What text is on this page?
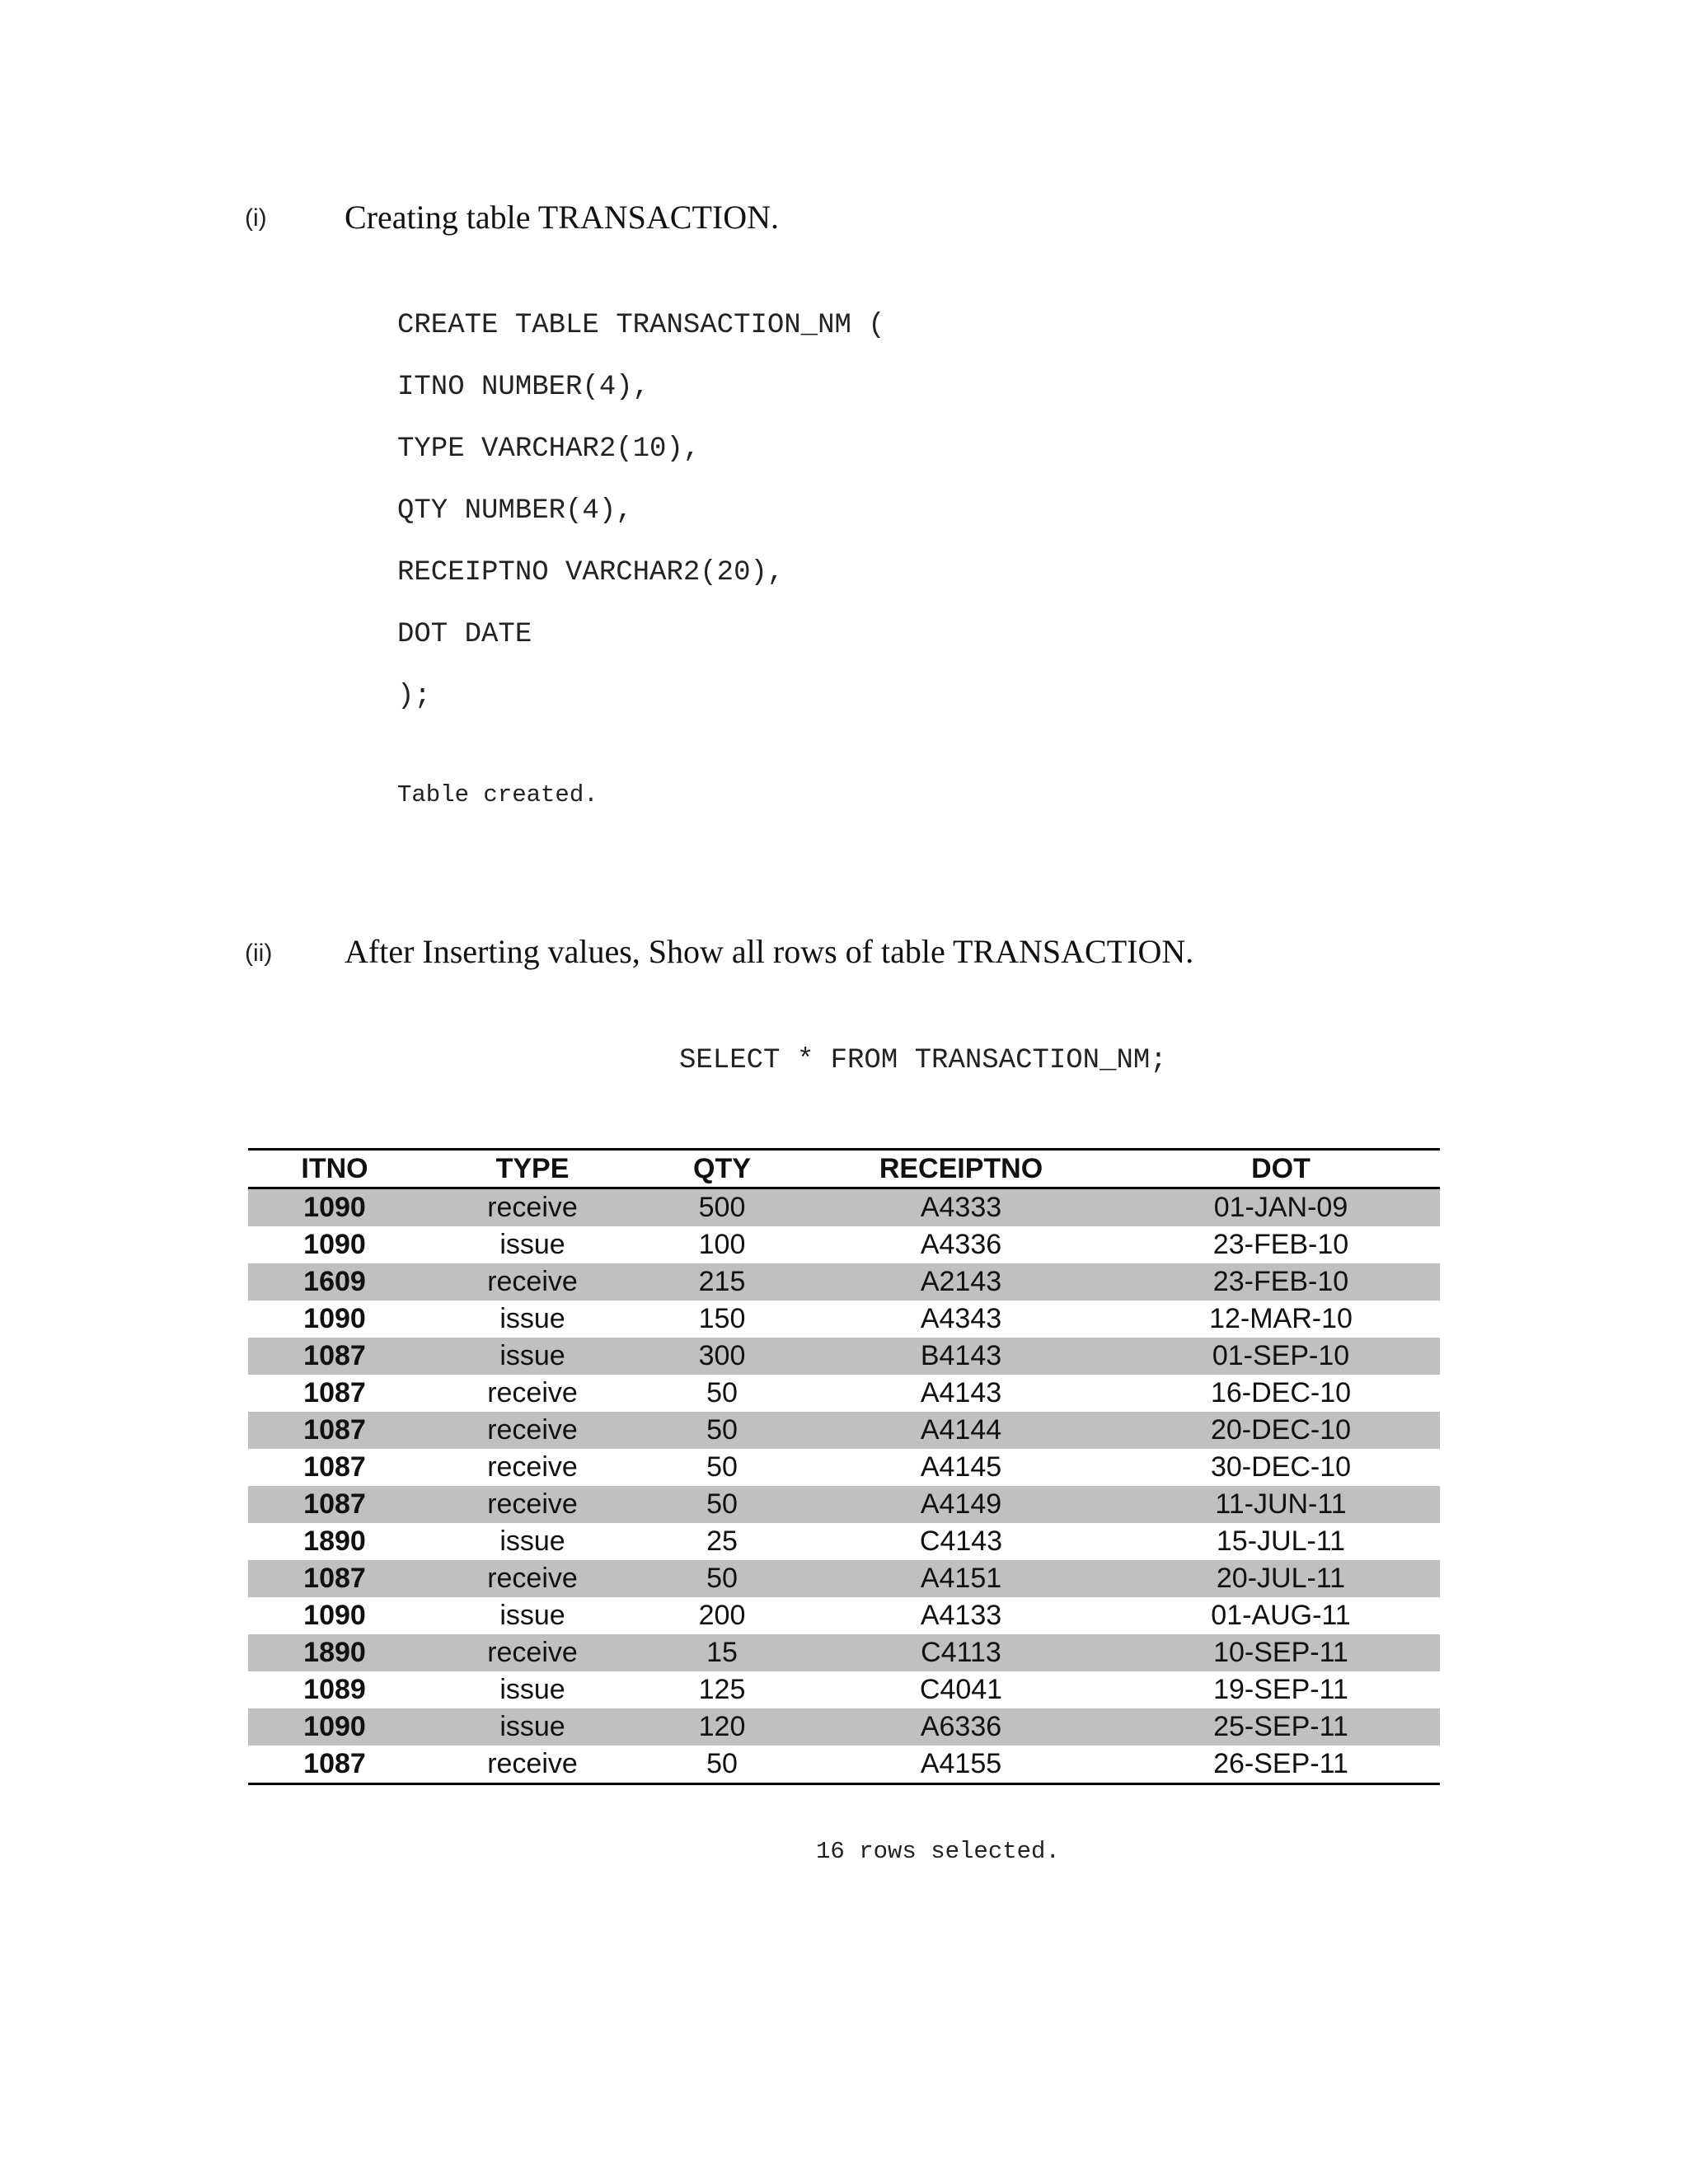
(i) Creating table TRANSACTION.
CREATE TABLE TRANSACTION_NM (
ITNO NUMBER(4),
TYPE VARCHAR2(10),
QTY NUMBER(4),
RECEIPTNO VARCHAR2(20),
DOT DATE
);
Table created.
(ii) After Inserting values, Show all rows of table TRANSACTION.
SELECT * FROM TRANSACTION_NM;
ITNO	TYPE	QTY	RECEIPTNO	DOT
1090	receive	500	A4333	01-JAN-09
1090	issue	100	A4336	23-FEB-10
1609	receive	215	A2143	23-FEB-10
1090	issue	150	A4343	12-MAR-10
1087	issue	300	B4143	01-SEP-10
1087	receive	50	A4143	16-DEC-10
1087	receive	50	A4144	20-DEC-10
1087	receive	50	A4145	30-DEC-10
1087	receive	50	A4149	11-JUN-11
1890	issue	25	C4143	15-JUL-11
1087	receive	50	A4151	20-JUL-11
1090	issue	200	A4133	01-AUG-11
1890	receive	15	C4113	10-SEP-11
1089	issue	125	C4041	19-SEP-11
1090	issue	120	A6336	25-SEP-11
1087	receive	50	A4155	26-SEP-11
16 rows selected.
